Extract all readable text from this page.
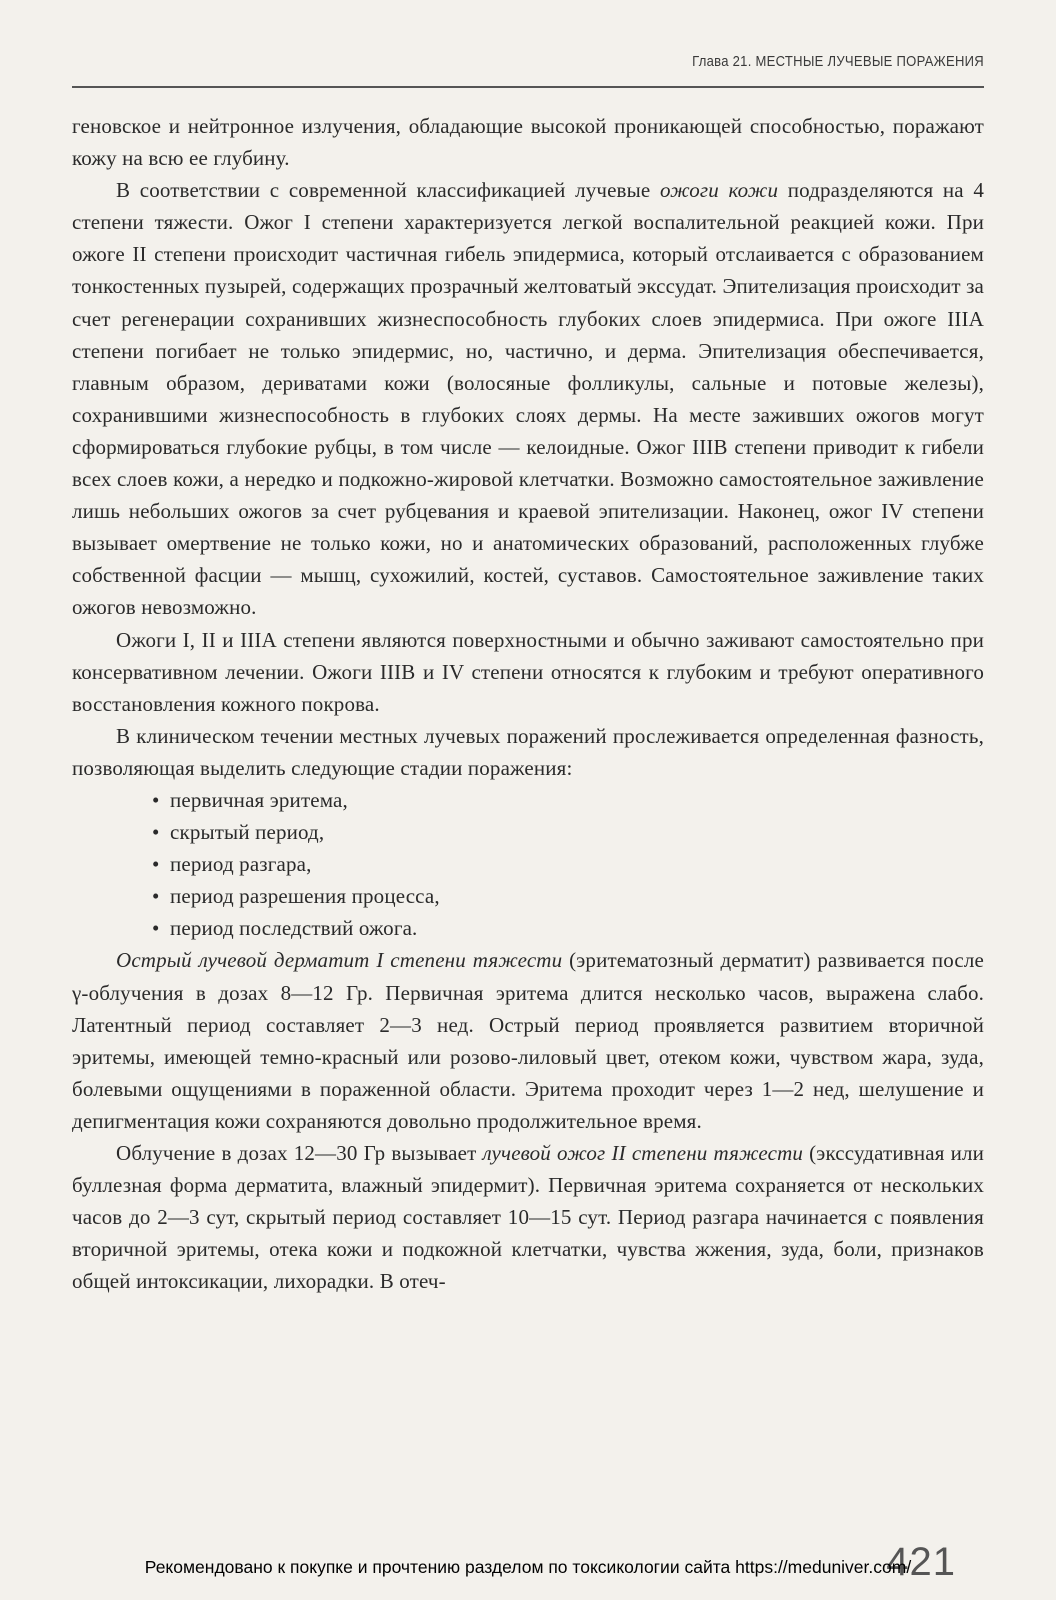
Глава 21. МЕСТНЫЕ ЛУЧЕВЫЕ ПОРАЖЕНИЯ

геновское и нейтронное излучения, обладающие высокой проникающей способностью, поражают кожу на всю ее глубину.

В соответствии с современной классификацией лучевые ожоги кожи подразделяются на 4 степени тяжести. Ожог I степени характеризуется легкой воспалительной реакцией кожи. При ожоге II степени происходит частичная гибель эпидермиса, который отслаивается с образованием тонкостенных пузырей, содержащих прозрачный желтоватый экссудат. Эпителизация происходит за счет регенерации сохранивших жизнеспособность глубоких слоев эпидермиса. При ожоге IIIА степени погибает не только эпидермис, но, частично, и дерма. Эпителизация обеспечивается, главным образом, дериватами кожи (волосяные фолликулы, сальные и потовые железы), сохранившими жизнеспособность в глубоких слоях дермы. На месте заживших ожогов могут сформироваться глубокие рубцы, в том числе — келоидные. Ожог IIIВ степени приводит к гибели всех слоев кожи, а нередко и подкожно-жировой клетчатки. Возможно самостоятельное заживление лишь небольших ожогов за счет рубцевания и краевой эпителизации. Наконец, ожог IV степени вызывает омертвение не только кожи, но и анатомических образований, расположенных глубже собственной фасции — мышц, сухожилий, костей, суставов. Самостоятельное заживление таких ожогов невозможно.

Ожоги I, II и IIIА степени являются поверхностными и обычно заживают самостоятельно при консервативном лечении. Ожоги IIIВ и IV степени относятся к глубоким и требуют оперативного восстановления кожного покрова.

В клиническом течении местных лучевых поражений прослеживается определенная фазность, позволяющая выделить следующие стадии поражения:

• первичная эритема,
• скрытый период,
• период разгара,
• период разрешения процесса,
• период последствий ожога.

Острый лучевой дерматит I степени тяжести (эритематозный дерматит) развивается после γ-облучения в дозах 8—12 Гр. Первичная эритема длится несколько часов, выражена слабо. Латентный период составляет 2—3 нед. Острый период проявляется развитием вторичной эритемы, имеющей темно-красный или розово-лиловый цвет, отеком кожи, чувством жара, зуда, болевыми ощущениями в пораженной области. Эритема проходит через 1—2 нед, шелушение и депигментация кожи сохраняются довольно продолжительное время.

Облучение в дозах 12—30 Гр вызывает лучевой ожог II степени тяжести (экссудативная или буллезная форма дерматита, влажный эпидермит). Первичная эритема сохраняется от нескольких часов до 2—3 сут, скрытый период составляет 10—15 сут. Период разгара начинается с появления вторичной эритемы, отека кожи и подкожной клетчатки, чувства жжения, зуда, боли, признаков общей интоксикации, лихорадки. В отеч-

421
Рекомендовано к покупке и прочтению разделом по токсикологии сайта https://meduniver.com/
